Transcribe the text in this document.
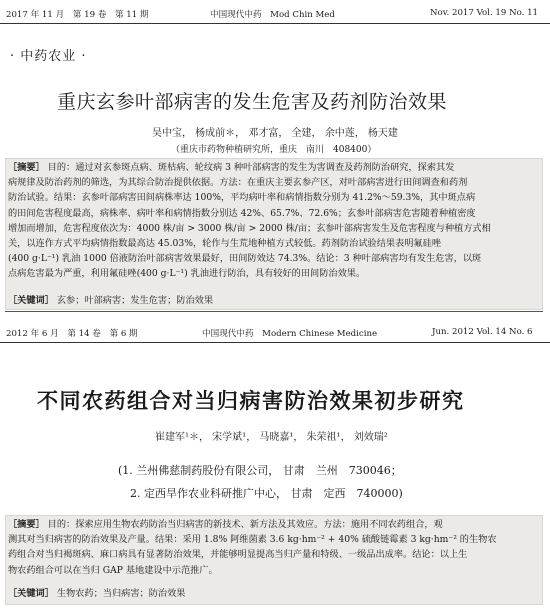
2017 年 11 月　第 19 卷　第 11 期	中国现代中药　Mod Chin Med	Nov. 2017 Vol. 19 No. 11
· 中药农业 ·
重庆玄参叶部病害的发生危害及药剂防治效果
吴中宝， 杨成前＊， 邓才富， 全建， 余中莲， 杨天建
（重庆市药物种植研究所，重庆　南川　408400）
［摘要］ 目的：通过对玄参斑点病、斑枯病、轮纹病 3 种叶部病害的发生为害调查及药剂防治研究，探索其发
病规律及防治药剂的筛选，为其综合防治提供依据。方法：在重庆主要玄参产区，对叶部病害进行田间调查和药剂
防治试验。结果：玄参叶部病害田间病株率达 100%，平均病叶率和病情指数分别为 41.2%～59.3%，其中斑点病
的田间危害程度最高，病株率、病叶率和病情指数分别达 42%、65.7%、72.6%；玄参叶部病害危害随着种植密度
增加而增加，危害程度依次为：4000 株/亩 > 3000 株/亩 > 2000 株/亩；玄参叶部病害发生及危害程度与种植方式相
关，以连作方式平均病情指数最高达 45.03%，轮作与生荒地种植方式较低。药剂防治试验结果表明氟硅唑
(400 g·L⁻¹) 乳油 1000 倍液防治叶部病害效果最好，田间防效达 74.3%。结论：3 种叶部病害均有发生危害，以斑
点病危害最为严重，利用氟硅唑(400 g·L⁻¹) 乳油进行防治，具有较好的田间防治效果。
［关键词］ 玄参；叶部病害；发生危害；防治效果
2012 年 6 月　第 14 卷　第 6 期	中国现代中药　Modern Chinese Medicine	Jun. 2012 Vol. 14 No. 6
不同农药组合对当归病害防治效果初步研究
崔建军¹＊， 宋学斌¹， 马晓嘉¹， 朱荣祖¹， 刘效瑞²
(1. 兰州佛慈制药股份有限公司， 甘肃　兰州　730046；
2. 定西旱作农业科研推广中心， 甘肃　定西　740000)
［摘要］ 目的：探索应用生物农药防治当归病害的新技术、新方法及其效应。方法：施用不同农药组合，观
测其对当归病害的防治效果及产量。结果：采用 1.8% 阿维菌素 3.6 kg·hm⁻² + 40% 硫酸链霉素 3 kg·hm⁻² 的生物农
药组合对当归褐斑病、麻口病具有显著防治效果，并能够明显提高当归产量和特级、一级品出成率。结论：以上生
物农药组合可以在当归 GAP 基地建设中示范推广。
［关键词］ 生物农药；当归病害；防治效果
